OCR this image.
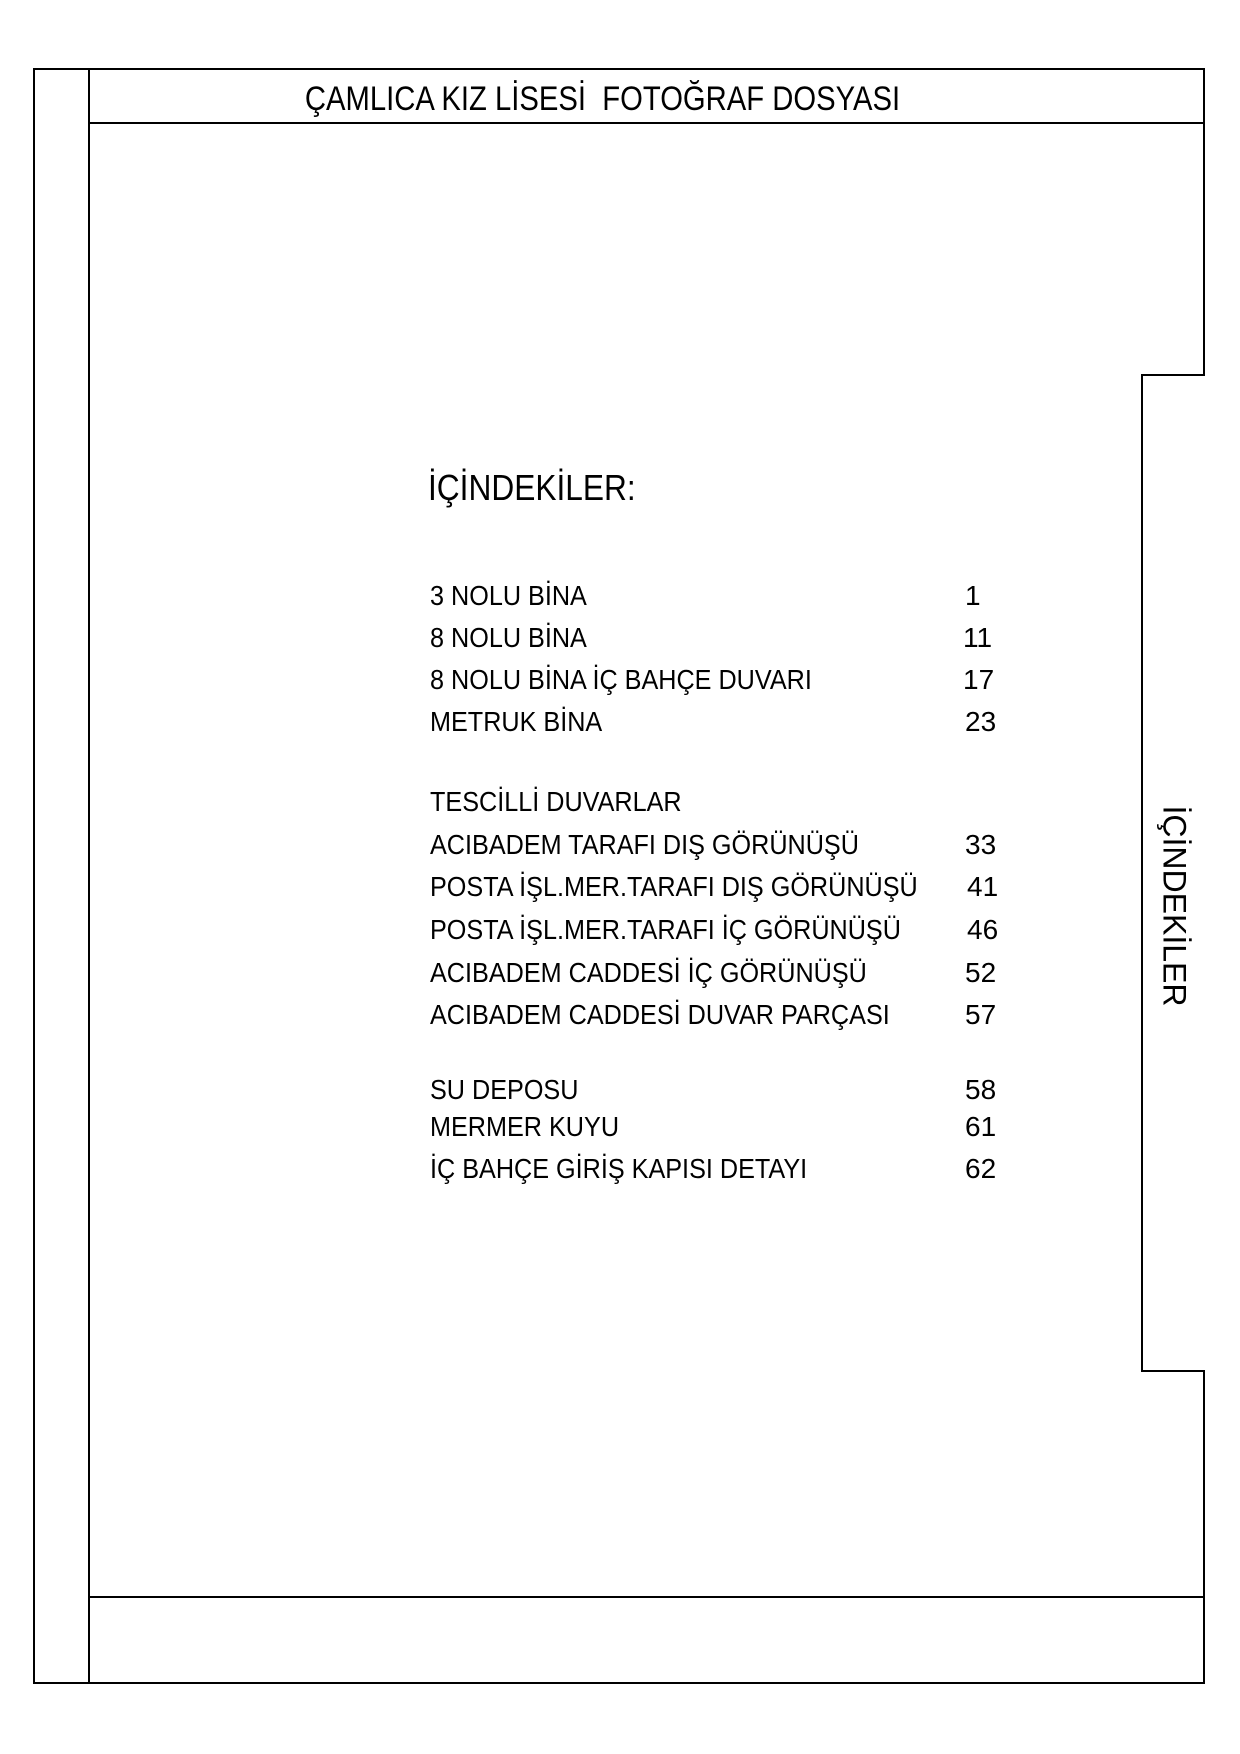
ÇAMLICA KIZ LİSESİ  FOTOĞRAF DOSYASI
İÇİNDEKİLER
İÇİNDEKİLER:
3 NOLU BİNA	1
8 NOLU BİNA	11
8 NOLU BİNA İÇ BAHÇE DUVARI	17
METRUK BİNA	23
TESCİLLİ DUVARLAR
ACIBADEM TARAFI DIŞ GÖRÜNÜŞÜ	33
POSTA İŞL.MER.TARAFI DIŞ GÖRÜNÜŞÜ 41
POSTA İŞL.MER.TARAFI İÇ GÖRÜNÜŞÜ 46
ACIBADEM CADDESİ İÇ GÖRÜNÜŞÜ	52
ACIBADEM CADDESİ DUVAR PARÇASI	57
SU DEPOSU	58
MERMER KUYU	61
İÇ BAHÇE GİRİŞ KAPISI DETAYI	62
